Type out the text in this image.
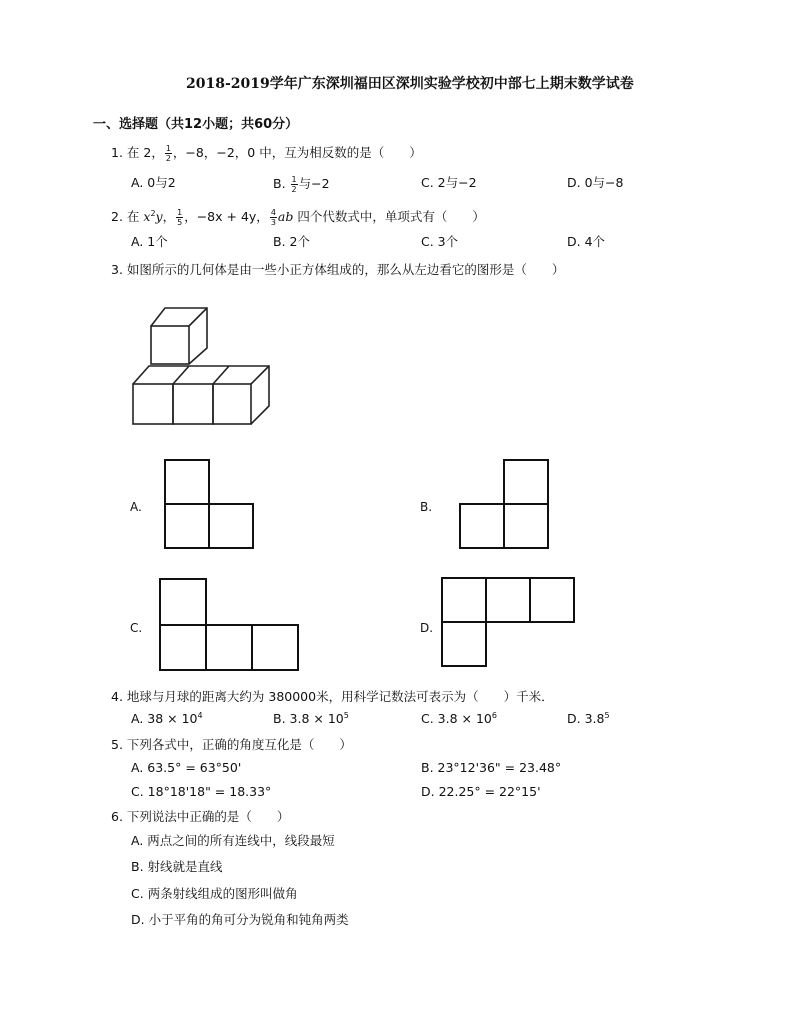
2018-2019学年广东深圳福田区深圳实验学校初中部七上期末数学试卷
一、选择题（共12小题；共60分）
1. 在 2， $\frac{1}{2}$ ，−8，−2，0 中，互为相反数的是（　　）
A. 0与2	B. $\frac{1}{2}$ 与−2	C. 2与−2	D. 0与−8
2. 在 $x^2y$， $\frac{1}{5}$ ，−8x + 4y， $\frac{4}{3}$ ab 四个代数式中，单项式有（　　）
A. 1个	B. 2个	C. 3个	D. 4个
3. 如图所示的几何体是由一些小正方体组成的，那么从左边看它的图形是（　　）
A.	B.
C.	D.
4. 地球与月球的距离大约为 380000米，用科学记数法可表示为（　　）千米．
A. $38 \times 10^4$	B. $3.8 \times 10^5$	C. $3.8 \times 10^6$	D. $3.8^5$
5. 下列各式中，正确的角度互化是（　　）
A. 63.5° = 63°50'	B. 23°12'36" = 23.48°
C. 18°18'18" = 18.33°	D. 22.25° = 22°15'
6. 下列说法中正确的是（　　）
A. 两点之间的所有连线中，线段最短
B. 射线就是直线
C. 两条射线组成的图形叫做角
D. 小于平角的角可分为锐角和钝角两类
